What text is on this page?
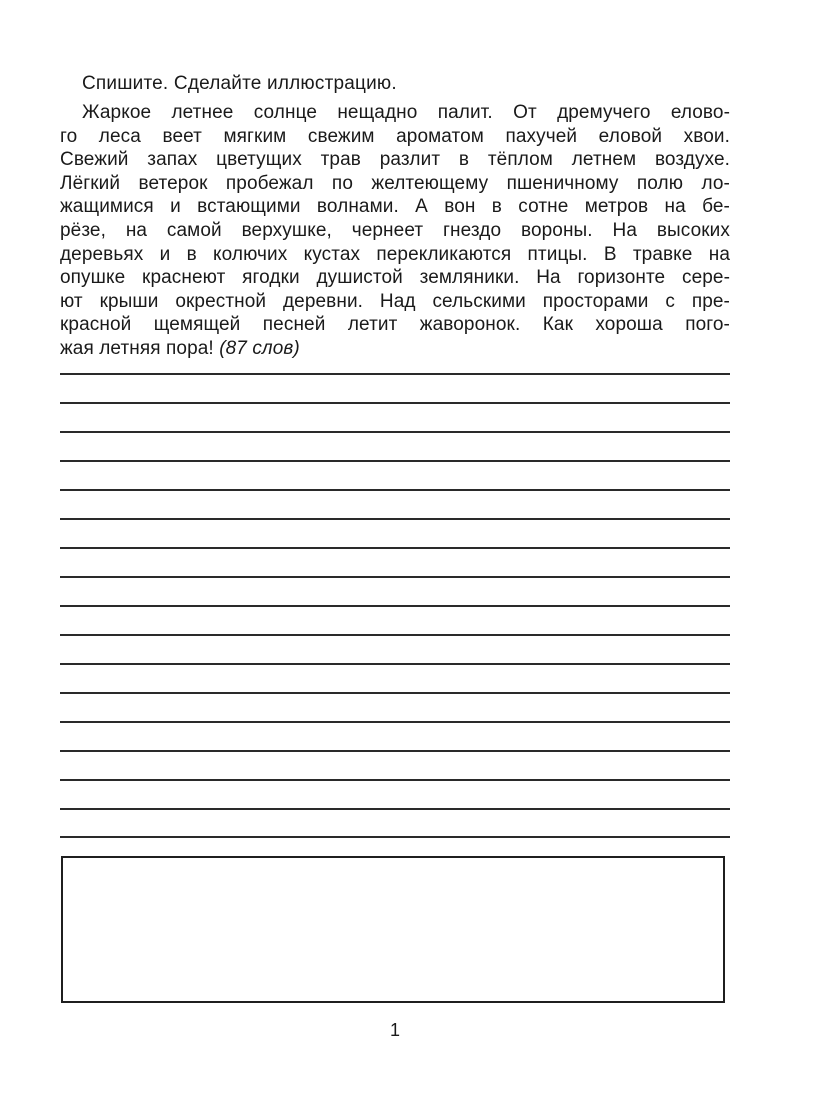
Спишите. Сделайте иллюстрацию.
Жаркое летнее солнце нещадно палит. От дремучего елово-
го леса веет мягким свежим ароматом пахучей еловой хвои.
Свежий запах цветущих трав разлит в тёплом летнем воздухе.
Лёгкий ветерок пробежал по желтеющему пшеничному полю ло-
жащимися и встающими волнами. А вон в сотне метров на бе-
рёзе, на самой верхушке, чернеет гнездо вороны. На высоких
деревьях и в колючих кустах перекликаются птицы. В травке на
опушке краснеют ягодки душистой земляники. На горизонте сере-
ют крыши окрестной деревни. Над сельскими просторами с пре-
красной щемящей песней летит жаворонок. Как хороша пого-
жая летняя пора! (87 слов)
1
